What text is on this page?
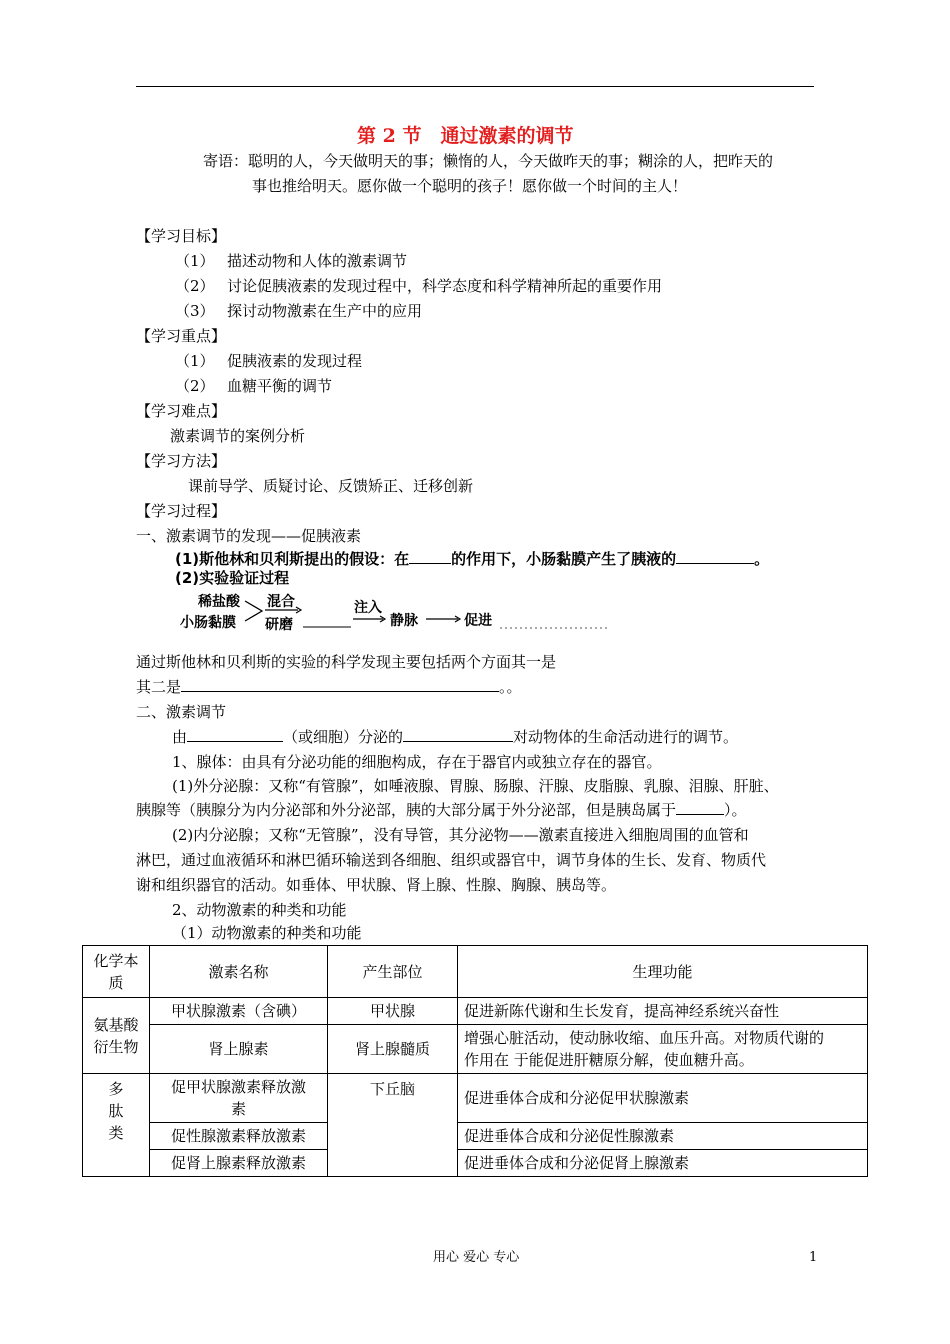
第 2 节　通过激素的调节
寄语：聪明的人，今天做明天的事；懒惰的人，今天做昨天的事；糊涂的人，把昨天的
事也推给明天。愿你做一个聪明的孩子！愿你做一个时间的主人！
【学习目标】
（1） 描述动物和人体的激素调节
（2） 讨论促胰液素的发现过程中，科学态度和科学精神所起的重要作用
（3） 探讨动物激素在生产中的应用
【学习重点】
（1） 促胰液素的发现过程
（2） 血糖平衡的调节
【学习难点】
激素调节的案例分析
【学习方法】
课前导学、质疑讨论、反馈矫正、迁移创新
【学习过程】
一、激素调节的发现——促胰液素
(1)斯他林和贝利斯提出的假设：在	的作用下，小肠黏膜产生了胰液的	。
(2)实验验证过程
稀盐酸
小肠黏膜
混合
研磨
注入
静脉	促进
通过斯他林和贝利斯的实验的科学发现主要包括两个方面其一是
其二是	。。
二、激素调节
由	（或细胞）分泌的	对动物体的生命活动进行的调节。
1、腺体：由具有分泌功能的细胞构成，存在于器官内或独立存在的器官。
(1)外分泌腺：又称“有管腺”，如唾液腺、胃腺、肠腺、汗腺、皮脂腺、乳腺、泪腺、肝脏、
胰腺等（胰腺分为内分泌部和外分泌部，胰的大部分属于外分泌部，但是胰岛属于	）。
(2)内分泌腺；又称“无管腺”，没有导管，其分泌物——激素直接进入细胞周围的血管和
淋巴，通过血液循环和淋巴循环输送到各细胞、组织或器官中，调节身体的生长、发育、物质代
谢和组织器官的活动。如垂体、甲状腺、肾上腺、性腺、胸腺、胰岛等。
2、动物激素的种类和功能
（1）动物激素的种类和功能
化学本
质	激素名称	产生部位	生理功能
氨基酸
衍生物	甲状腺激素（含碘）	甲状腺	促进新陈代谢和生长发育，提高神经系统兴奋性
	肾上腺素	肾上腺髓质	增强心脏活动，使动脉收缩、血压升高。对物质代谢的
作用在 于能促进肝糖原分解，使血糖升高。
多
肽
类	促甲状腺激素释放激
素	下丘脑	促进垂体合成和分泌促甲状腺激素
	促性腺激素释放激素		促进垂体合成和分泌促性腺激素
	促肾上腺素释放激素		促进垂体合成和分泌促肾上腺激素
用心 爱心 专心	1
